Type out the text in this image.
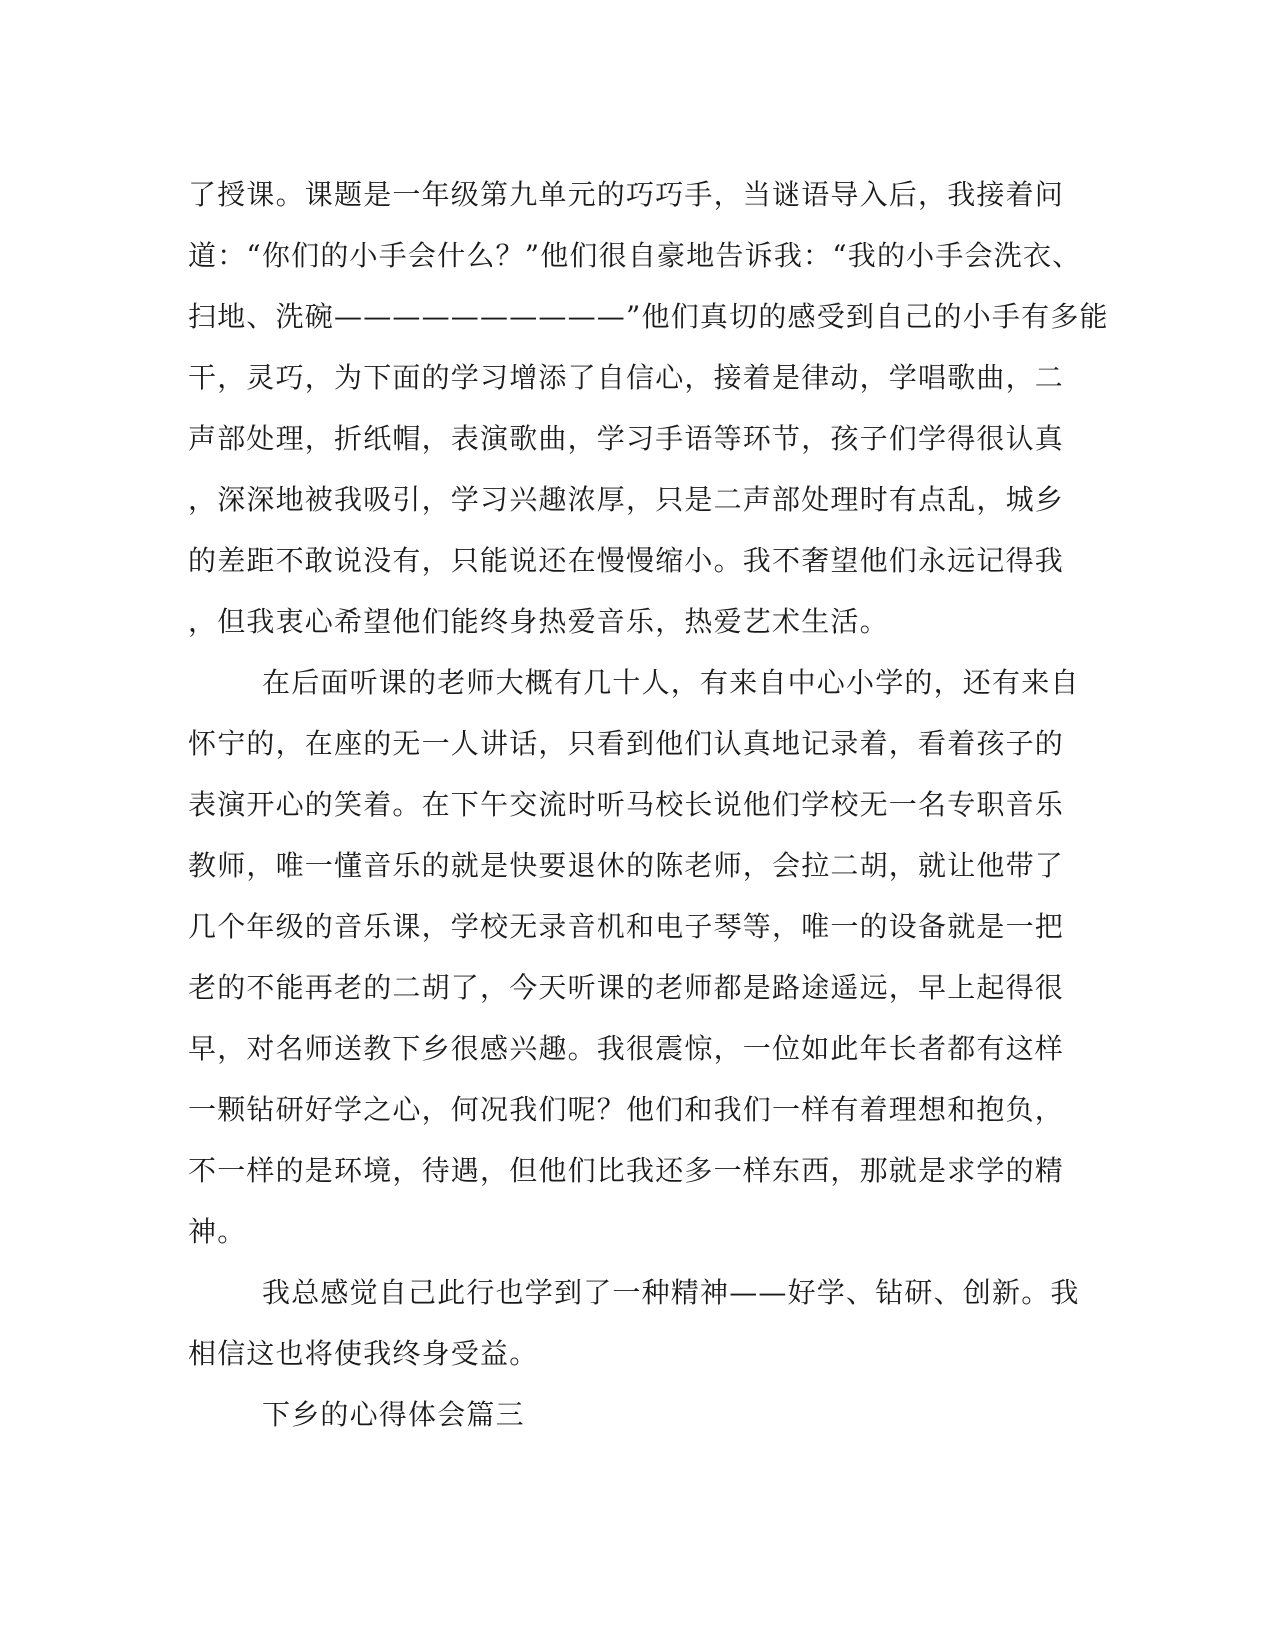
了授课。课题是一年级第九单元的巧巧手，当谜语导入后，我接着问
道：“你们的小手会什么？”他们很自豪地告诉我：“我的小手会洗衣、
扫地、洗碗——————————”他们真切的感受到自己的小手有多能
干，灵巧，为下面的学习增添了自信心，接着是律动，学唱歌曲，二
声部处理，折纸帽，表演歌曲，学习手语等环节，孩子们学得很认真
，深深地被我吸引，学习兴趣浓厚，只是二声部处理时有点乱，城乡
的差距不敢说没有，只能说还在慢慢缩小。我不奢望他们永远记得我
，但我衷心希望他们能终身热爱音乐，热爱艺术生活。
在后面听课的老师大概有几十人，有来自中心小学的，还有来自
怀宁的，在座的无一人讲话，只看到他们认真地记录着，看着孩子的
表演开心的笑着。在下午交流时听马校长说他们学校无一名专职音乐
教师，唯一懂音乐的就是快要退休的陈老师，会拉二胡，就让他带了
几个年级的音乐课，学校无录音机和电子琴等，唯一的设备就是一把
老的不能再老的二胡了，今天听课的老师都是路途遥远，早上起得很
早，对名师送教下乡很感兴趣。我很震惊，一位如此年长者都有这样
一颗钻研好学之心，何况我们呢？他们和我们一样有着理想和抱负，
不一样的是环境，待遇，但他们比我还多一样东西，那就是求学的精
神。
我总感觉自己此行也学到了一种精神——好学、钻研、创新。我
相信这也将使我终身受益。
下乡的心得体会篇三
